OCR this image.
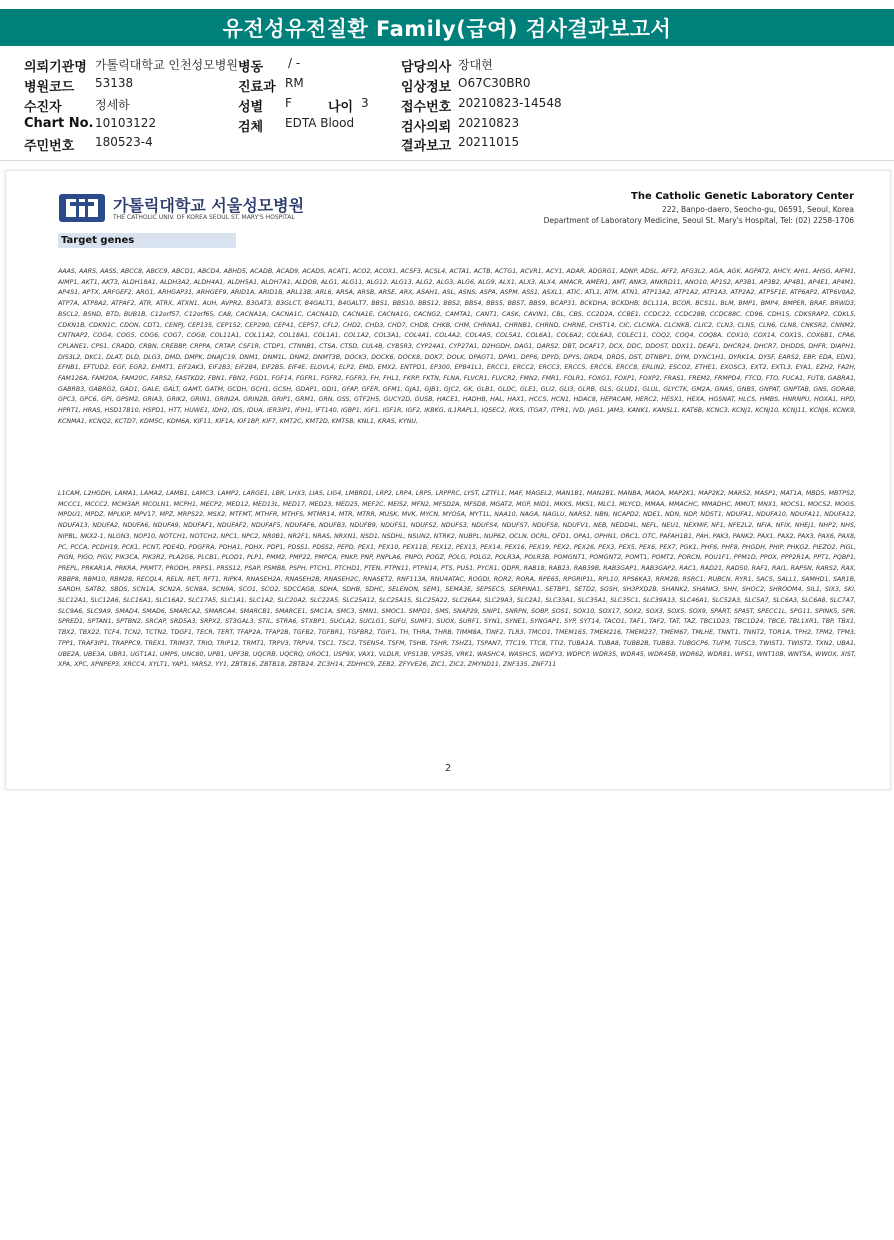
유전성유전질환 Family(급여) 검사결과보고서
의뢰기관명 가톨릭대학교 인천성모병원 병동 / -	담당의사 장대현
병원코드 53138	진료과 RM	임상정보 O67C30BR0
수진자	정세하	성별 F	나이 3 접수번호 20210823-14548
Chart No. 10103122	검체 EDTA Blood	검사의뢰 20210823
주민번호 180523-4	결과보고 20211015
가톨릭대학교 서울성모병원
THE CATHOLIC UNIV. OF KOREA SEOUL ST. MARY'S HOSPITAL
The Catholic Genetic Laboratory Center
222, Banpo-daero, Seocho-gu, 06591, Seoul, Korea
Department of Laboratory Medicine, Seoul St. Mary's Hospital, Tel: (02) 2258-1706
Target genes
AAAS, AARS, AASS, ABCC8, ABCC9, ABCD1, ABCD4, ABHD5, ACADB, ACAD9, ACADS, ACAT1, ACO2, ACOX1, ACSF3, ACSL4, ACTA1, ACTB, ACTG1, ACVR1, ACY1, ADAR, ADGRG1, ADNP, ADSL, AFF2, AFG3L2, AGA, AGK, AGPAT2, AHCY, AHI1, AHSG, AIFM1, AIMP1, AKT1, AKT3, ALDH18A1, ALDH3A2, ALDH4A1, ALDH5A1, ALDH7A1, ALDOB, ALG1, ALG11, ALG12, ALG13, ALG2, ALG3, ALG6, ALG9, ALX1, ALX3, ALX4, AMACR, AMER1, AMT, ANK3, ANKRD11, ANO10, AP1S2, AP3B1, AP3B2, AP4B1, AP4E1, AP4M1, AP4S1, APTX, ARFGEF2, ARG1, ARHGAP31, ARHGEF9, ARID1A, ARID1B, ARL13B, ARL6, ARSA, ARSB, ARSE, ARX, ASAH1, ASL, ASNS, ASPA, ASPM, ASS1, ASXL1, ATIC, ATL1, ATM, ATN1, ATP13A2, ATP1A2, ATP1A3, ATP2A2, ATP5F1E, ATP6AP2, ATP6V0A2, ATP7A, ATP8A2, ATPAF2, ATR, ATRX, ATXN1, AUH, AVPR2, B3GAT3, B3GLCT, B4GALT1, B4GALT7, BBS1, BBS10, BBS12, BBS2, BBS4, BBS5, BBS7, BBS9, BCAP31, BCKDHA, BCKDHB, BCL11A, BCOR, BCS1L, BLM, BMP1, BMP4, BMPER, BRAF, BRWD3, BSCL2, BSND, BTD, BUB1B, C12orf57, C12orf65, CA8, CACNA1A, CACNA1C, CACNA1D, CACNA1E, CACNA1G, CACNG2, CAMTA1, CANT1, CASK, CAVIN1, CBL, CBS, CC2D2A, CCBE1, CCDC22, CCDC28B, CCDC88C, CD96, CDH15, CDKSRAP2, CDKL5, CDKN1B, CDKN1C, CDON, CDT1, CENPJ, CEP135, CEP152, CEP290, CEP41, CEP57, CFL2, CHD2, CHD3, CHD7, CHD8, CHKB, CHM, CHRNA1, CHRNB1, CHRND, CHRNE, CHST14, CIC, CLCNKA, CLCNKB, CLIC2, CLN3, CLN5, CLN6, CLN8, CNKSR2, CNNM2, CNTNAP2, COG4, COG5, COG6, COG7, COG8, COL11A1, COL11A2, COL18A1, COL1A1, COL1A2, COL3A1, COL4A1, COL4A2, COL4A5, COL5A1, COL6A1, COL6A2, COL6A3, COLEC11, COQ2, COQ4, COQ8A, COX10, COX14, COX15, COX6B1, CPA6, CPLANE1, CPS1, CRADD, CRBN, CREBBP, CRPPA, CRTAP, CSF1R, CTDP1, CTNNB1, CTSA, CTSD, CUL4B, CYB5R3, CYP24A1, CYP27A1, D2HGDH, DAG1, DARS2, DBT, DCAF17, DCX, DDC, DDOST, DDX11, DEAF1, DHCR24, DHCR7, DHDDS, DHFR, DIAPH1, DIS3L2, DKC1, DLAT, DLD, DLG3, DMD, DMPK, DNAJC19, DNM1, DNM1L, DNM2, DNMT3B, DOCK3, DOCK6, DOCK8, DOK7, DOLK, DPAGT1, DPM1, DPP6, DPYD, DPYS, DRD4, DRD5, DST, DTNBP1, DYM, DYNC1H1, DYRK1A, DYSF, EARS2, EBP, EDA, EDN1, EFNB1, EFTUD2, EGF, EGR2, EHMT1, EIF2AK3, EIF2B3, EIF2B4, EIF2B5, EIF4E, ELOVL4, ELP2, EMD, EMX2, ENTPD1, EP300, EPB41L1, ERCC1, ERCC2, ERCC3, ERCC5, ERCC6, ERCC8, ERLIN2, ESCO2, ETHE1, EXOSC3, EXT2, EXTL3, EYA1, EZH2, FA2H, FAM126A, FAM20A, FAM20C, FARS2, FASTKD2, FBN1, FBN2, FGD1, FGF14, FGFR1, FGFR2, FGFR3, FH, FHL1, FKRP, FKTN, FLNA, FLVCR1, FLVCR2, FMN2, FMR1, FOLR1, FOXG1, FOXP1, FOXP2, FRAS1, FREM2, FRMPD4, FTCD, FTO, FUCA1, FUT8, GABRA1, GABRB3, GABRG2, GAD1, GALE, GALT, GAMT, GATM, GCDH, GCH1, GCSH, GDAP1, GDI1, GFAP, GFER, GFM1, GJA1, GJB1, GJC2, GK, GLB1, GLDC, GLE1, GLI2, GLI3, GLRB, GLS, GLUD1, GLUL, GLYCTK, GM2A, GNAS, GNB5, GNPAT, GNPTAB, GNS, GORAB, GPC3, GPC6, GPI, GPSM2, GRIA3, GRIK2, GRIN1, GRIN2A, GRIN2B, GRIP1, GRM1, GRN, GSS, GTF2H5, GUCY2D, GUSB, HACE1, HADHB, HAL, HAX1, HCCS, HCN1, HDAC8, HEPACAM, HERC2, HESX1, HEXA, HGSNAT, HLCS, HMBS, HNRNPU, HOXA1, HPD, HPRT1, HRAS, HSD17B10, HSPD1, HTT, HUWE1, IDH2, IDS, IDUA, IER3IP1, IFIH1, IFT140, IGBP1, IGF1, IGF1R, IGF2, IKBKG, IL1RAPL1, IQSEC2, IRX5, ITGA7, ITPR1, IVD, JAG1, JAM3, KANK1, KANSL1, KAT6B, KCNC3, KCNJ1, KCNJ10, KCNJ11, KCNJ6, KCNK9, KCNMA1, KCNQ2, KCTD7, KDM5C, KDM6A, KIF11, KIF1A, KIF1BP, KIF7, KMT2C, KMT2D, KMT5B, KNL1, KRAS, KYNU,
L1CAM, L2HGDH, LAMA1, LAMA2, LAMB1, LAMC3, LAMP2, LARGE1, LBR, LHX3, LIAS, LIG4, LMBRD1, LRP2, LRP4, LRP5, LRPPRC, LYST, LZTFL1, MAF, MAGEL2, MAN1B1, MAN2B1, MANBA, MAOA, MAP2K1, MAP2K2, MARS2, MASP1, MAT1A, MBD5, MBTPS2, MCCC1, MCCC2, MCM3AP, MCOLN1, MCPH1, MECP2, MED12, MED13L, MED17, MED23, MED25, MEF2C, MEIS2, MFN2, MFSD2A, MFSD8, MGAT2, MGP, MID1, MKKS, MKS1, MLC1, MLYCD, MMAA, MMACHC, MMADHC, MMUT, MNX1, MOCS1, MOCS2, MOGS, MPDU1, MPDZ, MPLKIP, MPV17, MPZ, MRPS22, MSX2, MTFMT, MTHFR, MTHFS, MTMR14, MTR, MTRR, MUSK, MVK, MYCN, MYO5A, MYT1L, NAA10, NAGA, NAGLU, NARS2, NBN, NCAPD2, NDE1, NDN, NDP, NDST1, NDUFA1, NDUFA10, NDUFA11, NDUFA12, NDUFA13, NDUFA2, NDUFA6, NDUFA9, NDUFAF1, NDUFAF2, NDUFAF5, NDUFAF6, NDUFB3, NDUFB9, NDUFS1, NDUFS2, NDUFS3, NDUFS4, NDUFS7, NDUFS8, NDUFV1, NEB, NEDD4L, NEFL, NEU1, NEXMIF, NF1, NFE2L2, NFIA, NFIX, NHEJ1, NHP2, NHS, NIPBL, NKX2-1, NLGN3, NOP10, NOTCH1, NOTCH2, NPC1, NPC2, NR0B1, NR2F1, NRAS, NRXN1, NSD1, NSDHL, NSUN2, NTRK2, NUBPL, NUP62, OCLN, OCRL, OFD1, OPA1, OPHN1, ORC1, OTC, PAFAH1B1, PAH, PAK3, PANK2, PAX1, PAX2, PAX3, PAX6, PAX8, PC, PCCA, PCDH19, PCK1, PCNT, PDE4D, PDGFRA, PDHA1, PDHX, PDP1, PDSS1, PDSS2, PEPD, PEX1, PEX10, PEX11B, PEX12, PEX13, PEX14, PEX16, PEX19, PEX2, PEX26, PEX3, PEX5, PEX6, PEX7, PGK1, PHF6, PHF8, PHGDH, PHIP, PHKG2, PIEZO2, PIGL, PIGN, PIGO, PIGV, PIK3CA, PIK3R2, PLA2G6, PLCB1, PLOD1, PLP1, PMM2, PMP22, PMPCA, PNKP, PNP, PNPLA6, PNPO, POGZ, POLG, POLG2, POLR3A, POLR3B, POMGNT1, POMGNT2, POMT1, POMT2, PORCN, POU1F1, PPM1D, PPOX, PPP2R1A, PPT1, PQBP1, PREPL, PRKAR1A, PRKRA, PRMT7, PRODH, PRPS1, PRSS12, PSAP, PSMB8, PSPH, PTCH1, PTCHD1, PTEN, PTPN11, PTPN14, PTS, PUS1, PYCR1, QDPR, RAB18, RAB23, RAB39B, RAB3GAP1, RAB3GAP2, RAC1, RAD21, RAD50, RAF1, RAI1, RAPSN, RARS2, RAX, RBBP8, RBM10, RBM28, RECQL4, RELN, RET, RFT1, RIPK4, RNASEH2A, RNASEH2B, RNASEH2C, RNASET2, RNF113A, RNU4ATAC, ROGDI, ROR2, RORA, RPE65, RPGRIP1L, RPL10, RPS6KA3, RRM2B, RSRC1, RUBCN, RYR1, SACS, SALL1, SAMHD1, SAR1B, SARDH, SATB2, SBDS, SCN1A, SCN2A, SCN8A, SCN9A, SCO1, SCO2, SDCCAG8, SDHA, SDHB, SDHC, SELENON, SEM1, SEMA3E, SEPSECS, SERPINA1, SETBP1, SETD2, SGSH, SH3PXD2B, SHANK2, SHANK3, SHH, SHOC2, SHROOM4, SIL1, SIX3, SKI, SLC12A1, SLC12A6, SLC16A1, SLC16A2, SLC17A5, SLC1A1, SLC1A2, SLC20A2, SLC22A5, SLC25A12, SLC25A15, SLC25A22, SLC26A4, SLC29A3, SLC2A1, SLC33A1, SLC35A1, SLC35C1, SLC39A13, SLC46A1, SLC52A3, SLC5A7, SLC6A3, SLC6A8, SLC7A7, SLC9A6, SLC9A9, SMAD4, SMAD6, SMARCA2, SMARCA4, SMARCB1, SMARCE1, SMC1A, SMC3, SMN1, SMOC1, SMPD1, SMS, SNAP29, SNIP1, SNRPN, SOBP, SOS1, SOX10, SOX17, SOX2, SOX3, SOX5, SOX9, SPART, SPAST, SPECC1L, SPG11, SPINK5, SPR, SPRED1, SPTAN1, SPTBN2, SRCAP, SRD5A3, SRPX2, ST3GAL3, STIL, STRA6, STXBP1, SUCLA2, SUCLG1, SUFU, SUMF1, SUOX, SURF1, SYN1, SYNE1, SYNGAP1, SYP, SYT14, TACO1, TAF1, TAF2, TAT, TAZ, TBC1D23, TBC1D24, TBCE, TBL1XR1, TBP, TBX1, TBX2, TBX22, TCF4, TCN2, TCTN2, TDGF1, TECR, TERT, TFAP2A, TFAP2B, TGFB2, TGFBR1, TGFBR2, TGIF1, TH, THRA, THRB, TIMM8A, TINF2, TLR3, TMCO1, TMEM165, TMEM216, TMEM237, TMEM67, TMLHE, TNNT1, TNNT2, TOR1A, TPH2, TPM2, TPM3, TPP1, TRAF3IP1, TRAPPC9, TREX1, TRIM37, TRIO, TRIP12, TRMT1, TRPV3, TRPV4, TSC1, TSC2, TSEN54, TSFM, TSHB, TSHR, TSHZ1, TSPAN7, TTC19, TTC8, TTI2, TUBA1A, TUBA8, TUBB2B, TUBB3, TUBGCP6, TUFM, TUSC3, TWIST1, TWIST2, TXN2, UBA1, UBE2A, UBE3A, UBR1, UGT1A1, UMPS, UNC80, UPB1, UPF3B, UQCRB, UQCRQ, UROC1, USP9X, VAX1, VLDLR, VPS13B, VPS35, VRK1, WASHC4, WASHC5, WDFY3, WDPCP, WDR35, WDR45, WDR45B, WDR62, WDR81, WFS1, WNT10B, WNT5A, WWOX, XIST, XPA, XPC, XPNPEP3, XRCC4, XYLT1, YAP1, YARS2, YY1, ZBTB16, ZBTB18, ZBTB24, ZC3H14, ZDHHC9, ZEB2, ZFYVE26, ZIC1, ZIC2, ZMYND11, ZNF335, ZNF711
2
